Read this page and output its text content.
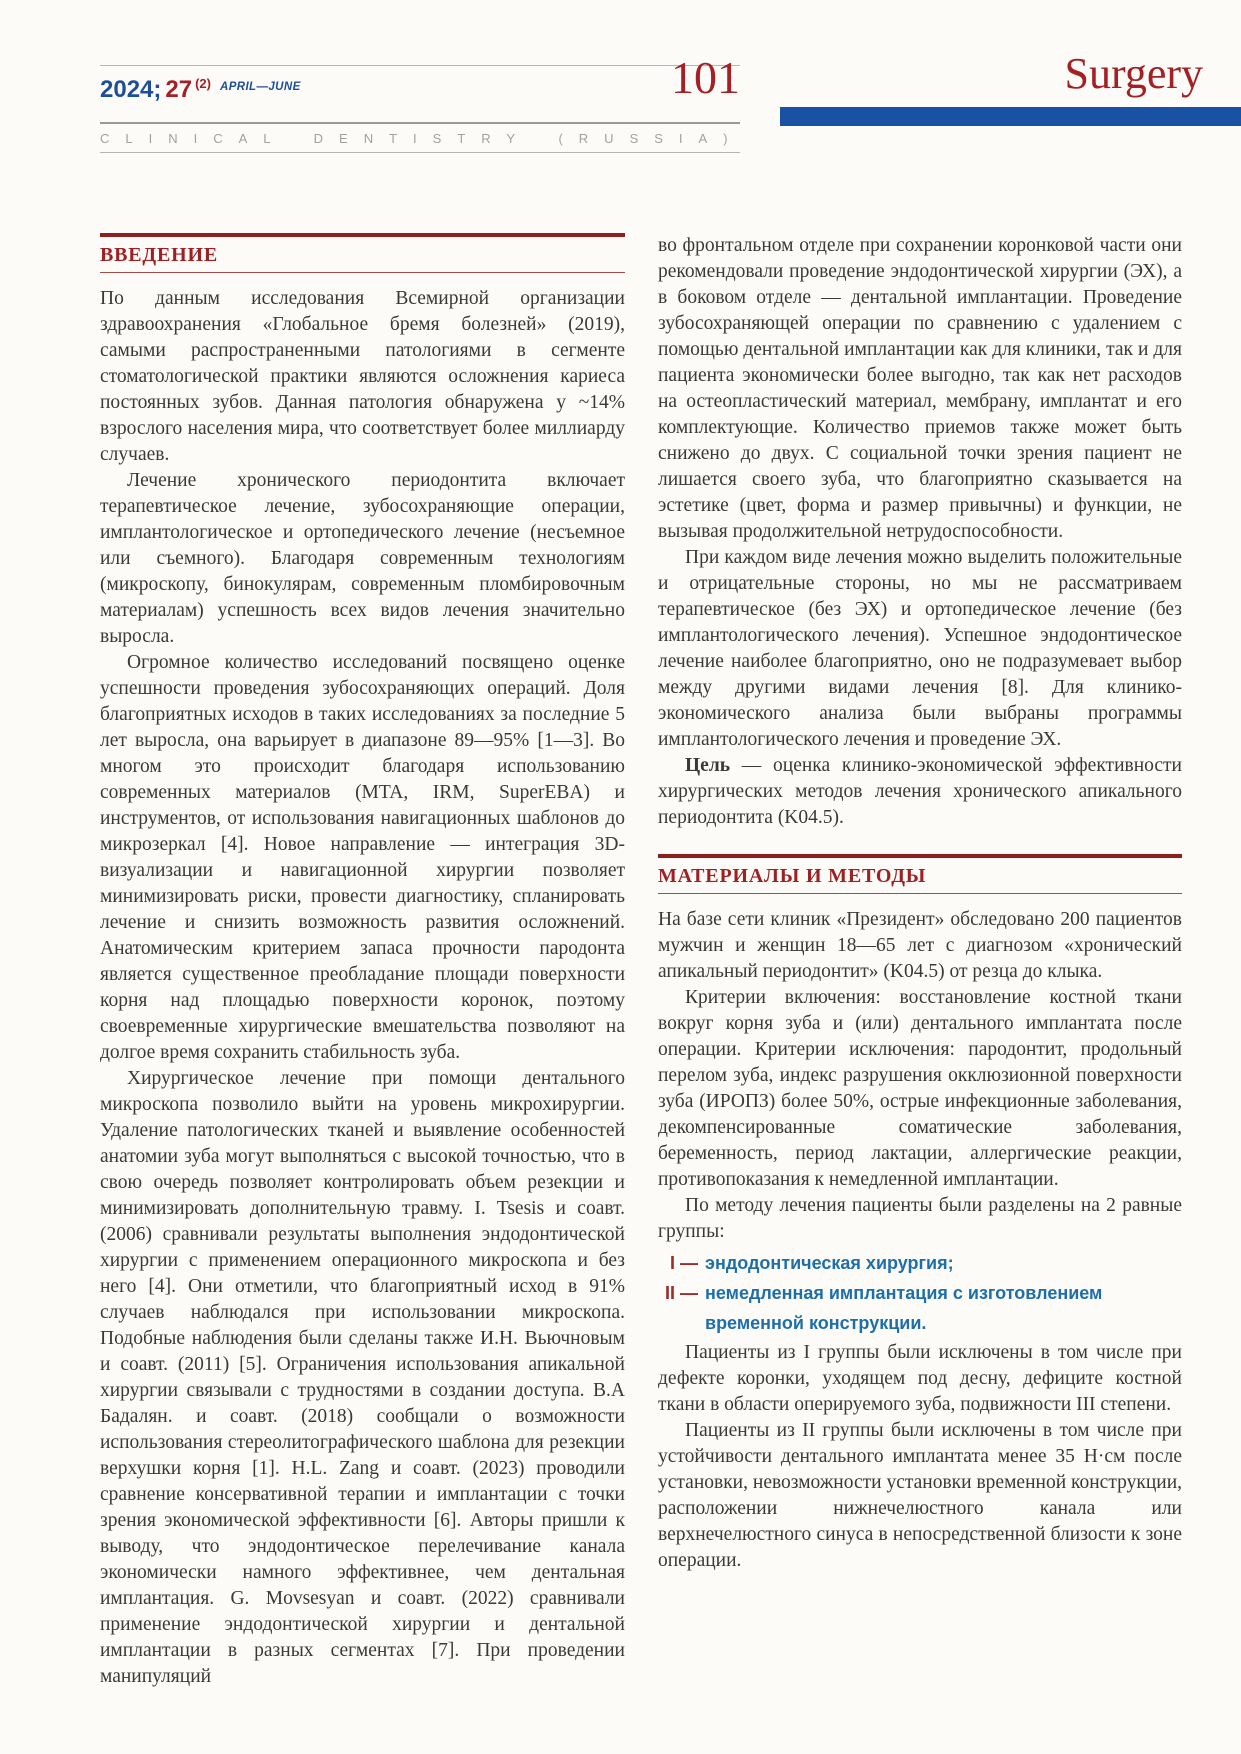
2024; 27 $^{(2)}$ $^{APRIL—JUNE}$	101
CLINICAL DENTISTRY (RUSSIA)
Surgery
ВВЕДЕНИЕ

По данным исследования Всемирной организации здравоохранения «Глобальное бремя болезней» (2019), самыми распространенными патологиями в сегменте стоматологической практики являются осложнения кариеса постоянных зубов. Данная патология обнаружена у ~14% взрослого населения мира, что соответствует более миллиарду случаев.

Лечение хронического периодонтита включает терапевтическое лечение, зубосохраняющие операции, имплантологическое и ортопедического лечение (несъемное или съемного). Благодаря современным технологиям (микроскопу, бинокулярам, современным пломбировочным материалам) успешность всех видов лечения значительно выросла.

Огромное количество исследований посвящено оценке успешности проведения зубосохраняющих операций. Доля благоприятных исходов в таких исследованиях за последние 5 лет выросла, она варьирует в диапазоне 89—95% [1—3]. Во многом это происходит благодаря использованию современных материалов (MTA, IRM, SuperEBA) и инструментов, от использования навигационных шаблонов до микрозеркал [4]. Новое направление — интеграция 3D-визуализации и навигационной хирургии позволяет минимизировать риски, провести диагностику, спланировать лечение и снизить возможность развития осложнений. Анатомическим критерием запаса прочности пародонта является существенное преобладание площади поверхности корня над площадью поверхности коронок, поэтому своевременные хирургические вмешательства позволяют на долгое время сохранить стабильность зуба.

Хирургическое лечение при помощи дентального микроскопа позволило выйти на уровень микрохирургии. Удаление патологических тканей и выявление особенностей анатомии зуба могут выполняться с высокой точностью, что в свою очередь позволяет контролировать объем резекции и минимизировать дополнительную травму. I. Tsesis и соавт. (2006) сравнивали результаты выполнения эндодонтической хирургии с применением операционного микроскопа и без него [4]. Они отметили, что благоприятный исход в 91% случаев наблюдался при использовании микроскопа. Подобные наблюдения были сделаны также И.Н. Вьючновым и соавт. (2011) [5]. Ограничения использования апикальной хирургии связывали с трудностями в создании доступа. В.А Бадалян. и соавт. (2018) сообщали о возможности использования стереолитографического шаблона для резекции верхушки корня [1]. H.L. Zang и соавт. (2023) проводили сравнение консервативной терапии и имплантации с точки зрения экономической эффективности [6]. Авторы пришли к выводу, что эндодонтическое перелечивание канала экономически намного эффективнее, чем дентальная имплантация. G. Movsesyan и соавт. (2022) сравнивали применение эндодонтической хирургии и дентальной имплантации в разных сегментах [7]. При проведении манипуляций

во фронтальном отделе при сохранении коронковой части они рекомендовали проведение эндодонтической хирургии (ЭХ), а в боковом отделе — дентальной имплантации. Проведение зубосохраняющей операции по сравнению с удалением с помощью дентальной имплантации как для клиники, так и для пациента экономически более выгодно, так как нет расходов на остеопластический материал, мембрану, имплантат и его комплектующие. Количество приемов также может быть снижено до двух. С социальной точки зрения пациент не лишается своего зуба, что благоприятно сказывается на эстетике (цвет, форма и размер привычны) и функции, не вызывая продолжительной нетрудоспособности.

При каждом виде лечения можно выделить положительные и отрицательные стороны, но мы не рассматриваем терапевтическое (без ЭХ) и ортопедическое лечение (без имплантологического лечения). Успешное эндодонтическое лечение наиболее благоприятно, оно не подразумевает выбор между другими видами лечения [8]. Для клинико-экономического анализа были выбраны программы имплантологического лечения и проведение ЭХ.

Цель — оценка клинико-экономической эффективности хирургических методов лечения хронического апикального периодонтита (K04.5).

МАТЕРИАЛЫ И МЕТОДЫ

На базе сети клиник «Президент» обследовано 200 пациентов мужчин и женщин 18—65 лет с диагнозом «хронический апикальный периодонтит» (K04.5) от резца до клыка.

Критерии включения: восстановление костной ткани вокруг корня зуба и (или) дентального имплантата после операции. Критерии исключения: пародонтит, продольный перелом зуба, индекс разрушения окклюзионной поверхности зуба (ИРОПЗ) более 50%, острые инфекционные заболевания, декомпенсированные соматические заболевания, беременность, период лактации, аллергические реакции, противопоказания к немедленной имплантации.

По методу лечения пациенты были разделены на 2 равные группы:

I — эндодонтическая хирургия;
II — немедленная имплантация с изготовлением временной конструкции.

Пациенты из I группы были исключены в том числе при дефекте коронки, уходящем под десну, дефиците костной ткани в области оперируемого зуба, подвижности III степени.

Пациенты из II группы были исключены в том числе при устойчивости дентального имплантата менее 35 Н·см после установки, невозможности установки временной конструкции, расположении нижнечелюстного канала или верхнечелюстного синуса в непосредственной близости к зоне операции.
